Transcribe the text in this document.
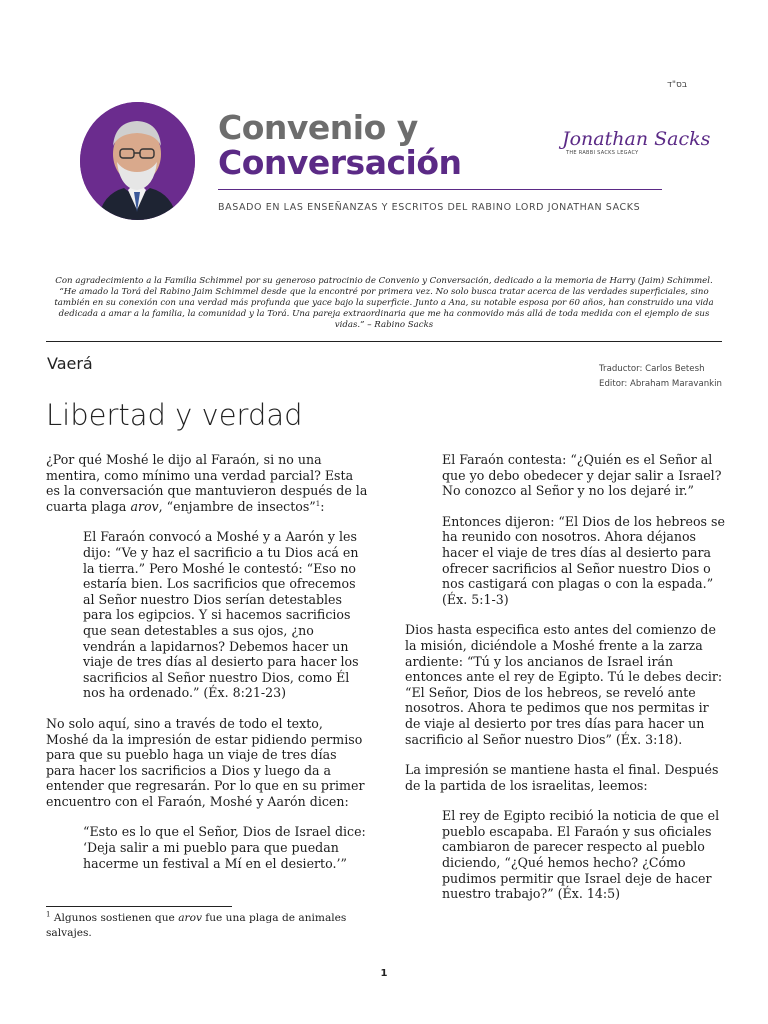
בס"ד
Convenio y
Conversación
Jonathan Sacks
THE RABBI SACKS LEGACY
BASADO EN LAS ENSEÑANZAS Y ESCRITOS DEL RABINO LORD JONATHAN SACKS
Con agradecimiento a la Familia Schimmel por su generoso patrocinio de Convenio y Conversación, dedicado a la memoria de Harry (Jaim) Schimmel. “He amado la Torá del Rabino Jaim Schimmel desde que la encontré por primera vez. No solo busca tratar acerca de las verdades superficiales, sino también en su conexión con una verdad más profunda que yace bajo la superficie. Junto a Ana, su notable esposa por 60 años, han construido una vida dedicada a amar a la familia, la comunidad y la Torá. Una pareja extraordinaria que me ha conmovido más allá de toda medida con el ejemplo de sus vidas.” – Rabino Sacks
Vaerá	Traductor: Carlos Betesh
Editor: Abraham Maravankin
Libertad y verdad

¿Por qué Moshé le dijo al Faraón, si no una mentira, como mínimo una verdad parcial? Esta es la conversación que mantuvieron después de la cuarta plaga arov, “enjambre de insectos”$^1$:

El Faraón convocó a Moshé y a Aarón y les dijo: “Ve y haz el sacrificio a tu Dios acá en la tierra.” Pero Moshé le contestó: “Eso no estaría bien. Los sacrificios que ofrecemos al Señor nuestro Dios serían detestables para los egipcios. Y si hacemos sacrificios que sean detestables a sus ojos, ¿no vendrán a lapidarnos? Debemos hacer un viaje de tres días al desierto para hacer los sacrificios al Señor nuestro Dios, como Él nos ha ordenado.” (Éx. 8:21-23)

No solo aquí, sino a través de todo el texto, Moshé da la impresión de estar pidiendo permiso para que su pueblo haga un viaje de tres días para hacer los sacrificios a Dios y luego da a entender que regresarán. Por lo que en su primer encuentro con el Faraón, Moshé y Aarón dicen:

“Esto es lo que el Señor, Dios de Israel dice: ‘Deja salir a mi pueblo para que puedan hacerme un festival a Mí en el desierto.’”

El Faraón contesta: “¿Quién es el Señor al que yo debo obedecer y dejar salir a Israel? No conozco al Señor y no los dejaré ir.”

Entonces dijeron: “El Dios de los hebreos se ha reunido con nosotros. Ahora déjanos hacer el viaje de tres días al desierto para ofrecer sacrificios al Señor nuestro Dios o nos castigará con plagas o con la espada.” (Éx. 5:1-3)

Dios hasta especifica esto antes del comienzo de la misión, diciéndole a Moshé frente a la zarza ardiente: “Tú y los ancianos de Israel irán entonces ante el rey de Egipto. Tú le debes decir: “El Señor, Dios de los hebreos, se reveló ante nosotros. Ahora te pedimos que nos permitas ir de viaje al desierto por tres días para hacer un sacrificio al Señor nuestro Dios” (Éx. 3:18).

La impresión se mantiene hasta el final. Después de la partida de los israelitas, leemos:

El rey de Egipto recibió la noticia de que el pueblo escapaba. El Faraón y sus oficiales cambiaron de parecer respecto al pueblo diciendo, “¿Qué hemos hecho? ¿Cómo pudimos permitir que Israel deje de hacer nuestro trabajo?” (Éx. 14:5)

$^1$ Algunos sostienen que arov fue una plaga de animales salvajes.
1
